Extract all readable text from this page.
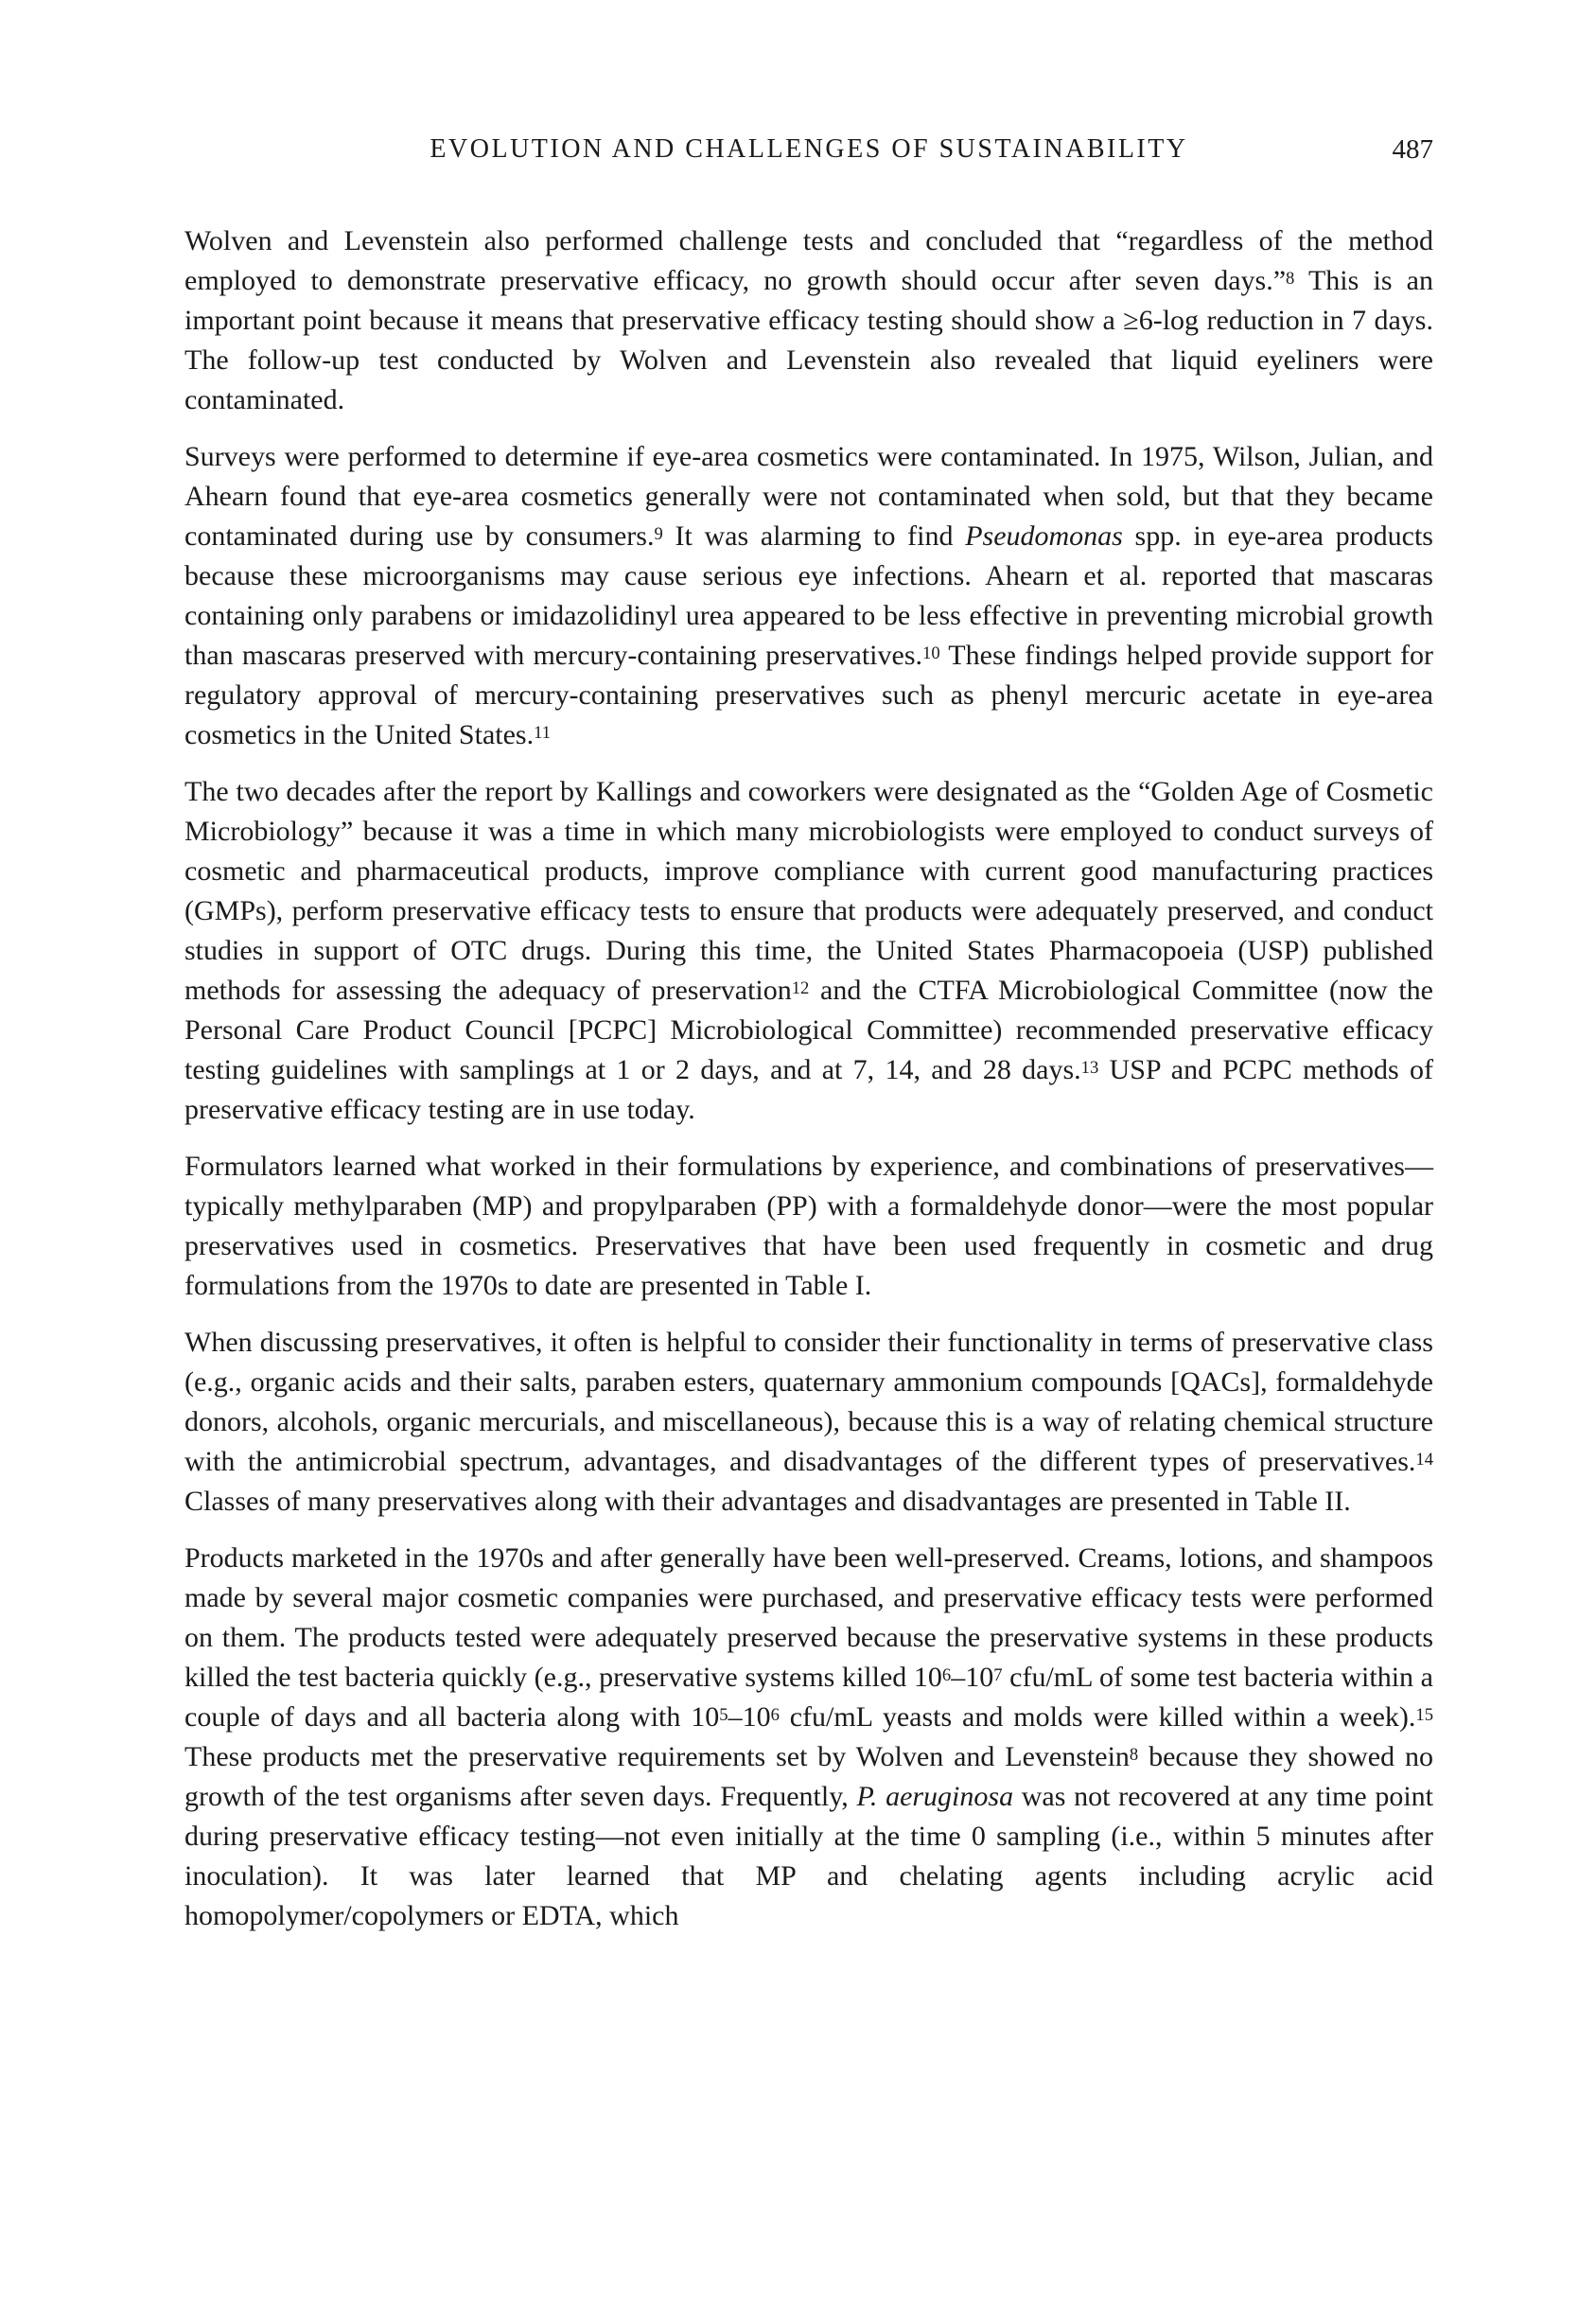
EVOLUTION AND CHALLENGES OF SUSTAINABILITY	487

Wolven and Levenstein also performed challenge tests and concluded that “regardless of the method employed to demonstrate preservative efficacy, no growth should occur after seven days.”$^8$ This is an important point because it means that preservative efficacy testing should show a ≥6-log reduction in 7 days. The follow-up test conducted by Wolven and Levenstein also revealed that liquid eyeliners were contaminated.

Surveys were performed to determine if eye-area cosmetics were contaminated. In 1975, Wilson, Julian, and Ahearn found that eye-area cosmetics generally were not contaminated when sold, but that they became contaminated during use by consumers.$^9$ It was alarming to find Pseudomonas spp. in eye-area products because these microorganisms may cause serious eye infections. Ahearn et al. reported that mascaras containing only parabens or imidazolidinyl urea appeared to be less effective in preventing microbial growth than mascaras preserved with mercury-containing preservatives.$^{10}$ These findings helped provide support for regulatory approval of mercury-containing preservatives such as phenyl mercuric acetate in eye-area cosmetics in the United States.$^{11}$

The two decades after the report by Kallings and coworkers were designated as the “Golden Age of Cosmetic Microbiology” because it was a time in which many microbiologists were employed to conduct surveys of cosmetic and pharmaceutical products, improve compliance with current good manufacturing practices (GMPs), perform preservative efficacy tests to ensure that products were adequately preserved, and conduct studies in support of OTC drugs. During this time, the United States Pharmacopoeia (USP) published methods for assessing the adequacy of preservation$^{12}$ and the CTFA Microbiological Committee (now the Personal Care Product Council [PCPC] Microbiological Committee) recommended preservative efficacy testing guidelines with samplings at 1 or 2 days, and at 7, 14, and 28 days.$^{13}$ USP and PCPC methods of preservative efficacy testing are in use today.

Formulators learned what worked in their formulations by experience, and combinations of preservatives—typically methylparaben (MP) and propylparaben (PP) with a formaldehyde donor—were the most popular preservatives used in cosmetics. Preservatives that have been used frequently in cosmetic and drug formulations from the 1970s to date are presented in Table I.

When discussing preservatives, it often is helpful to consider their functionality in terms of preservative class (e.g., organic acids and their salts, paraben esters, quaternary ammonium compounds [QACs], formaldehyde donors, alcohols, organic mercurials, and miscellaneous), because this is a way of relating chemical structure with the antimicrobial spectrum, advantages, and disadvantages of the different types of preservatives.$^{14}$ Classes of many preservatives along with their advantages and disadvantages are presented in Table II.

Products marketed in the 1970s and after generally have been well-preserved. Creams, lotions, and shampoos made by several major cosmetic companies were purchased, and preservative efficacy tests were performed on them. The products tested were adequately preserved because the preservative systems in these products killed the test bacteria quickly (e.g., preservative systems killed $10^6-10^7$ cfu/mL of some test bacteria within a couple of days and all bacteria along with $10^5-10^6$ cfu/mL yeasts and molds were killed within a week).$^{15}$ These products met the preservative requirements set by Wolven and Levenstein$^8$ because they showed no growth of the test organisms after seven days. Frequently, P. aeruginosa was not recovered at any time point during preservative efficacy testing—not even initially at the time 0 sampling (i.e., within 5 minutes after inoculation). It was later learned that MP and chelating agents including acrylic acid homopolymer/copolymers or EDTA, which
